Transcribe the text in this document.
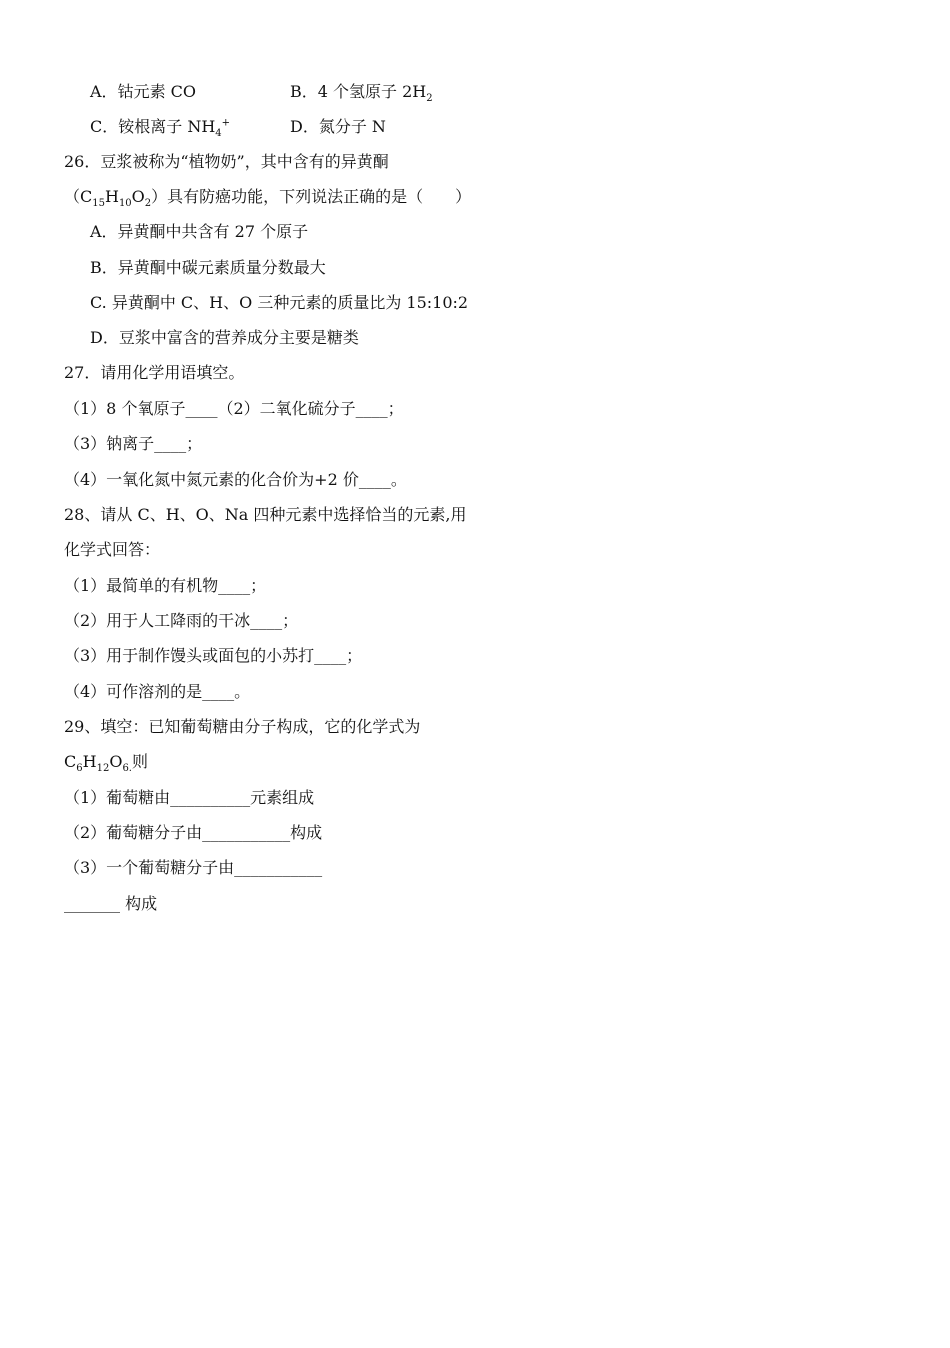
A．钴元素 CO	B．4 个氢原子 $2H_2$
C．铵根离子 $NH_4^+$	D．氮分子 N
26．豆浆被称为“植物奶”，其中含有的异黄酮
$(C_{15}H_{10}O_2)$具有防癌功能，下列说法正确的是（　　）
A．异黄酮中共含有 27 个原子
B．异黄酮中碳元素质量分数最大
C. 异黄酮中 C、H、O 三种元素的质量比为 15:10:2
D．豆浆中富含的营养成分主要是糖类
27．请用化学用语填空。
（1）8 个氧原子____（2）二氧化硫分子____；
（3）钠离子____；
（4）一氧化氮中氮元素的化合价为+2 价____。
28、请从 C、H、O、Na 四种元素中选择恰当的元素,用
化学式回答：
（1）最简单的有机物____；
（2）用于人工降雨的干冰____；
（3）用于制作馒头或面包的小苏打____；
（4）可作溶剂的是____。
29、填空：已知葡萄糖由分子构成，它的化学式为
$C_6H_{12}O_{6.}$则
（1）葡萄糖由__________元素组成
（2）葡萄糖分子由___________构成
（3）一个葡萄糖分子由___________
_______ 构成
